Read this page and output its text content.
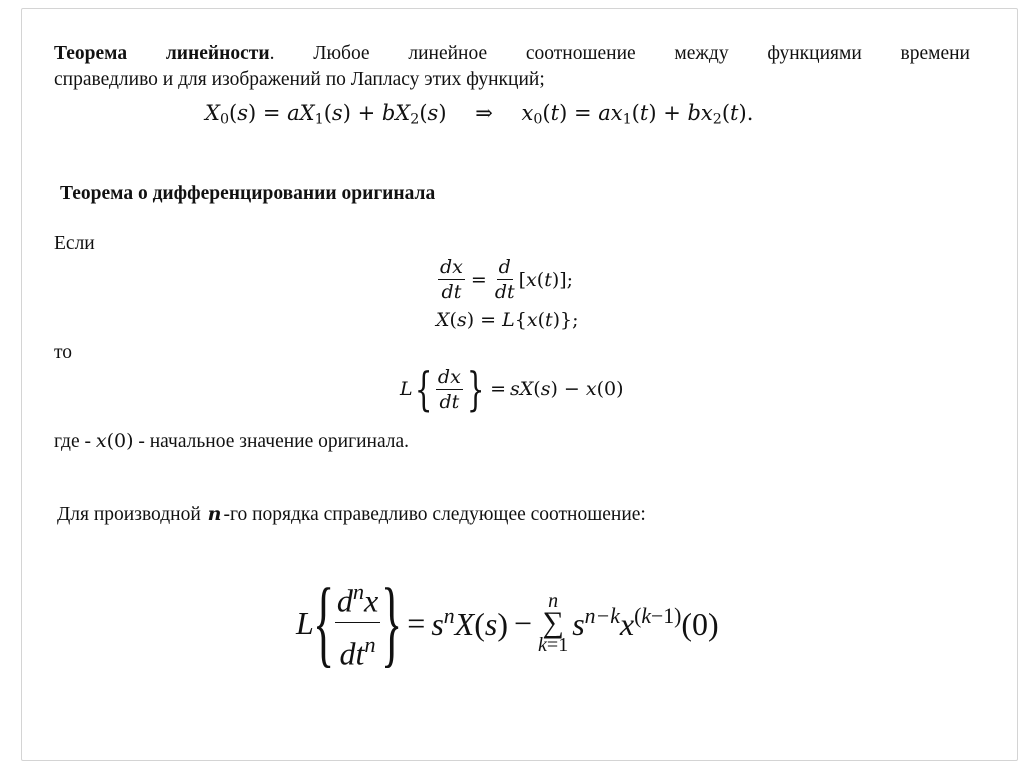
Теорема линейности. Любое линейное соотношение между функциями времени
справедливо и для изображений по Лапласу этих функций;
$X_0(s) = aX_1(s) + bX_2(s)$ ⇒ $x_0(t) = ax_1(t) + bx_2(t)$.
Теорема о дифференцировании оригинала
Если
$\frac{dx}{dt} = \frac{d}{dt} [x(t)]$;
X(s) = L{x(t)};
то
L { $\frac{dx}{dt}$ } = sX(s) − x(0)
где - x(0) - начальное значение оригинала.
Для производной n -го порядка справедливо следующее соотношение:
L
{ $\frac{d^nx}{dt^n}$ } = $s^nX(s)$ −
n
∑
k=1
$s^{n-k}x^{(k-1)}(0)$
